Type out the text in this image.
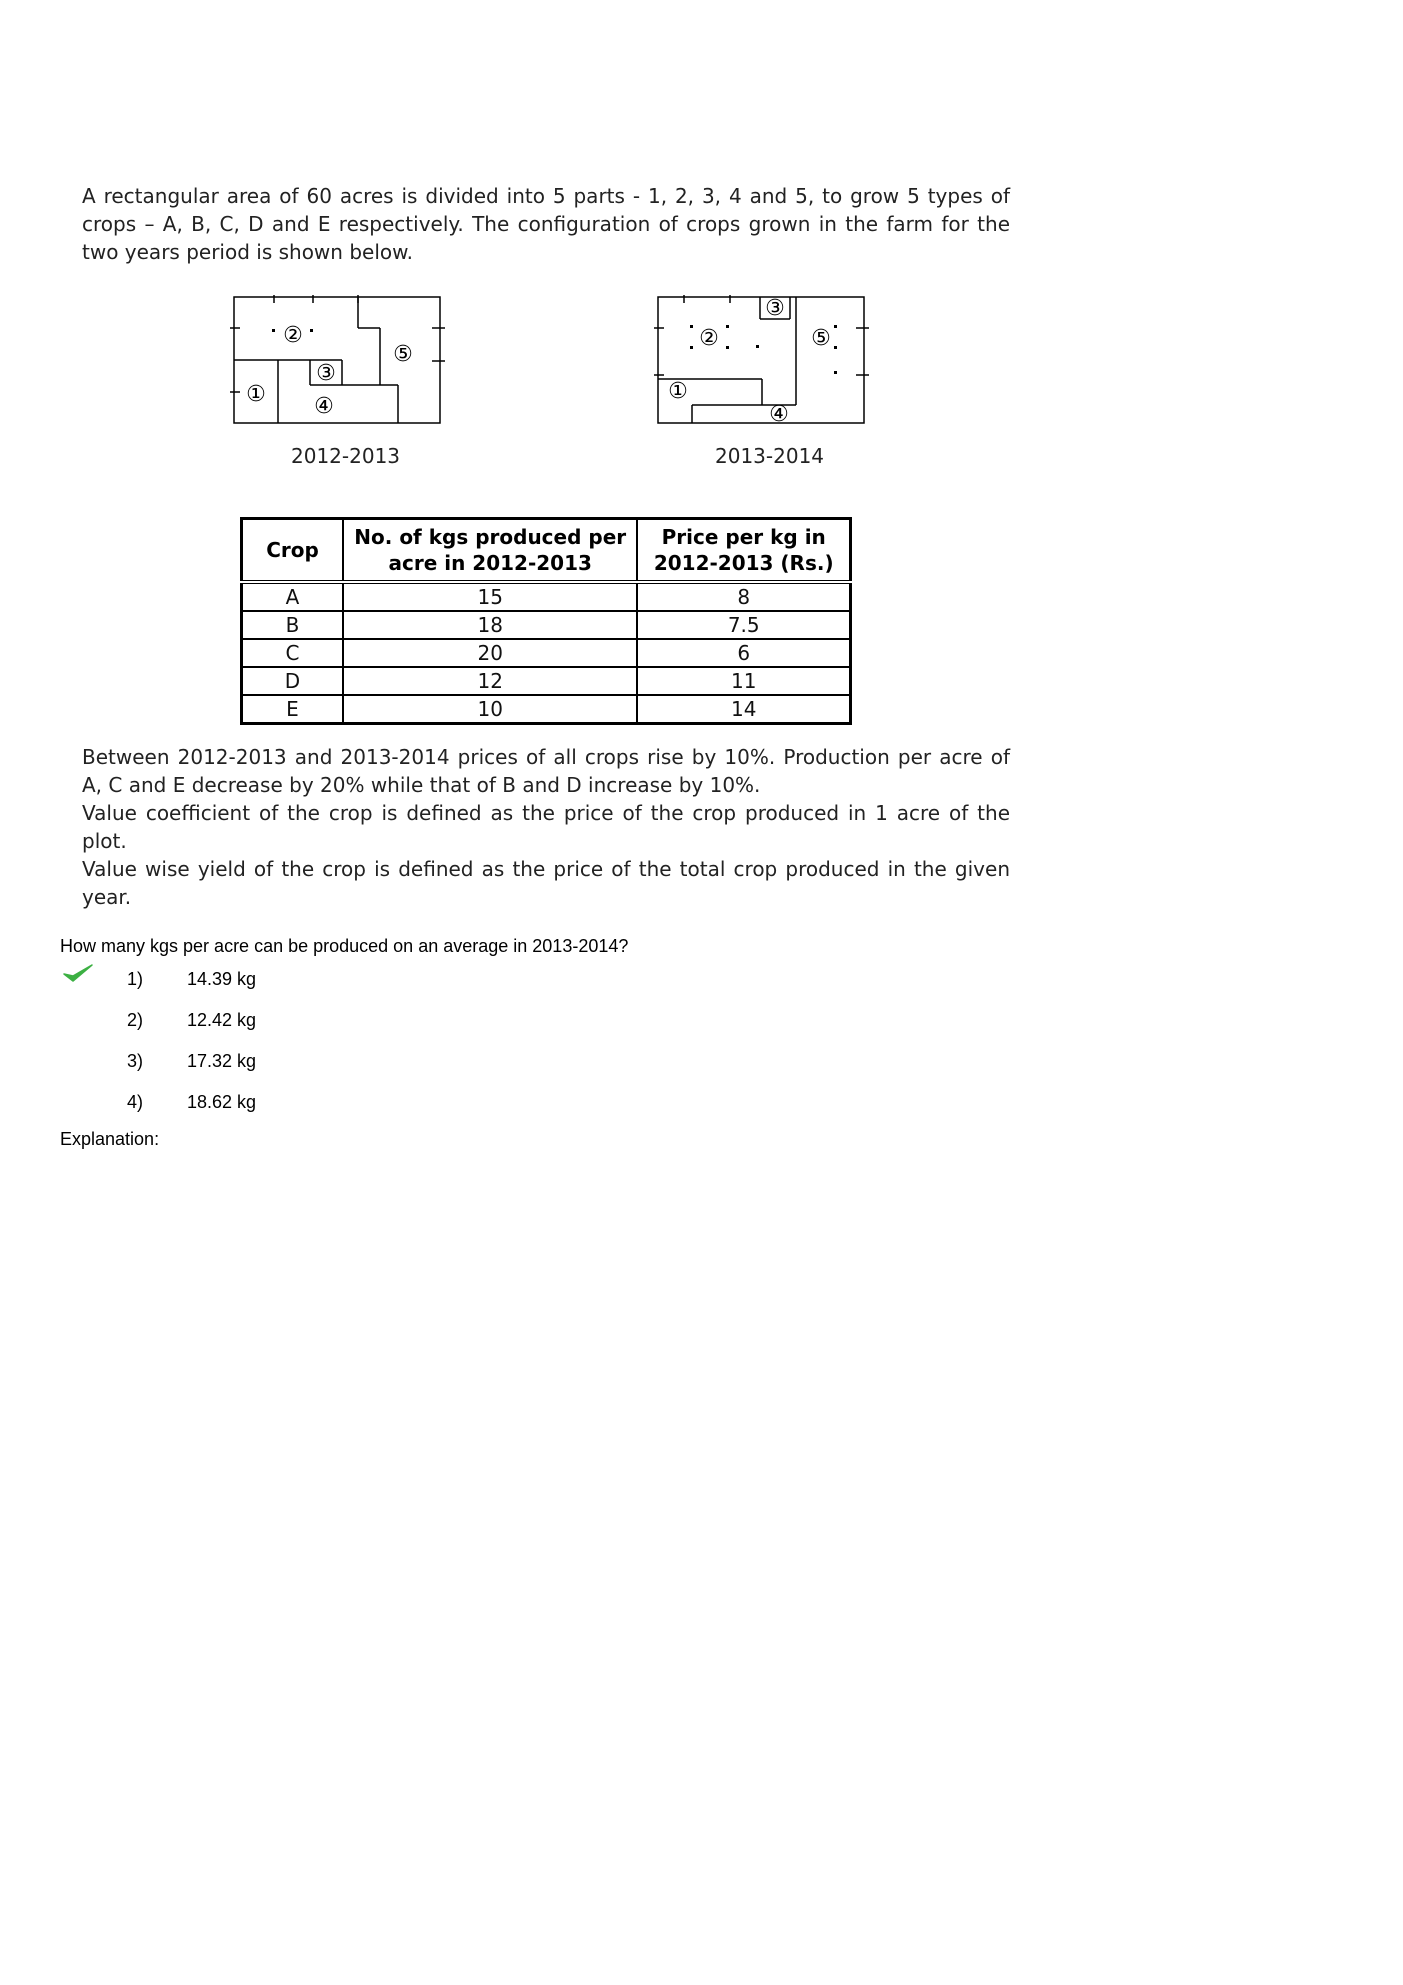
A rectangular area of 60 acres is divided into 5 parts - 1, 2, 3, 4 and 5, to grow 5 types of crops – A, B, C, D and E respectively. The configuration of crops grown in the farm for the two years period is shown below.

①
②
③
④
⑤
2012-2013
①
②
③
④
⑤
2013-2014
Crop	No. of kgs produced per acre in 2012-2013	Price per kg in 2012-2013 (Rs.)
A	15	8
B	18	7.5
C	20	6
D	12	11
E	10	14

Between 2012-2013 and 2013-2014 prices of all crops rise by 10%. Production per acre of A, C and E decrease by 20% while that of B and D increase by 10%.

Value coefficient of the crop is defined as the price of the crop produced in 1 acre of the plot.

Value wise yield of the crop is defined as the price of the total crop produced in the given year.

How many kgs per acre can be produced on an average in 2013-2014?
1) 14.39 kg
2) 12.42 kg
3) 17.32 kg
4) 18.62 kg
Explanation:
